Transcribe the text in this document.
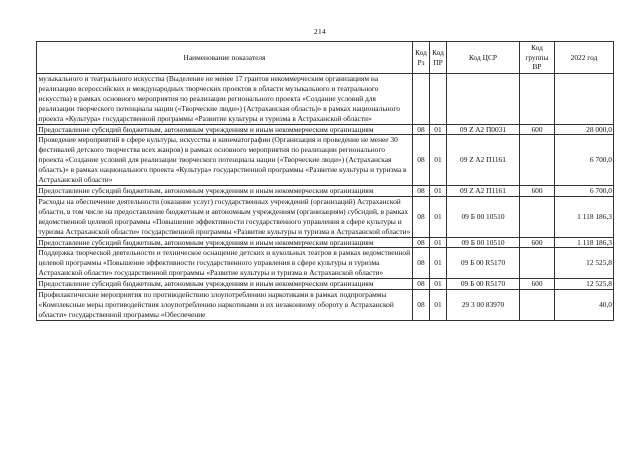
214
Наименование показателя	Код Рз	Код ПР	Код ЦСР	Код группы ВР	2022 год
музыкального и театрального искусства (Выделение не менее 17 грантов некоммерческим организациям на реализацию всероссийских и международных творческих проектов в области музыкального и театрального искусства) в рамках основного мероприятия по реализации регионального проекта «Создание условий для реализации творческого потенциала нации («Творческие люди») (Астраханская область)» в рамках национального проекта «Культура» государственной программы «Развитие культуры и туризма в Астраханской области»					
Предоставление субсидий бюджетным, автономным учреждениям и иным некоммерческим организациям	08	01	09 Z A2 П0031	600	28 000,0
Проведение мероприятий в сфере культуры, искусства и кинематографии (Организация и проведение не менее 30 фестивалей детского творчества всех жанров) в рамках основного мероприятия по реализации регионального проекта «Создание условий для реализации творческого потенциала нации («Творческие люди») (Астраханская область)» в рамках национального проекта «Культура» государственной программы «Развитие культуры и туризма в Астраханской области»	08	01	09 Z A2 П1161		6 700,0
Предоставление субсидий бюджетным, автономным учреждениям и иным некоммерческим организациям	08	01	09 Z A2 П1161	600	6 700,0
Расходы на обеспечение деятельности (оказание услуг) государственных учреждений (организаций) Астраханской области, в том числе на предоставление бюджетным и автономным учреждениям (организациям) субсидий, в рамках ведомственной целевой программы «Повышение эффективности государственного управления в сфере культуры и туризма Астраханской области» государственной программы «Развитие культуры и туризма в Астраханской области»	08	01	09 Б 00 10510		1 118 186,3
Предоставление субсидий бюджетным, автономным учреждениям и иным некоммерческим организациям	08	01	09 Б 00 10510	600	1 118 186,3
Поддержка творческой деятельности и техническое оснащение детских и кукольных театров в рамках ведомственной целевой программы «Повышение эффективности государственного управления в сфере культуры и туризма Астраханской области» государственной программы «Развитие культуры и туризма в Астраханской области»	08	01	09 Б 00 R5170		12 525,8
Предоставление субсидий бюджетным, автономным учреждениям и иным некоммерческим организациям	08	01	09 Б 00 R5170	600	12 525,8
Профилактические мероприятия по противодействию злоупотреблению наркотиками в рамках подпрограммы «Комплексные меры противодействия злоупотреблению наркотиками и их незаконному обороту в Астраханской области» государственной программы «Обеспечение	08	01	29 3 00 83970		40,0
